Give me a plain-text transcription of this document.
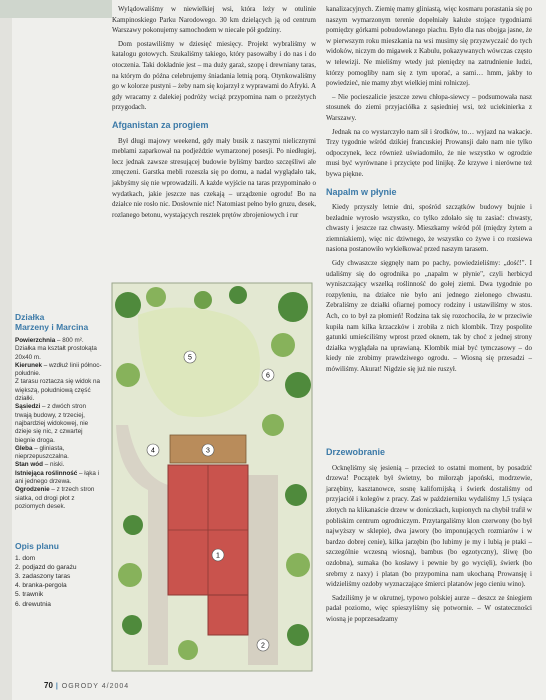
Wylądowaliśmy w niewielkiej wsi, która leży w otulinie Kampinoskiego Parku Narodowego. 30 km dzielących ją od centrum Warszawy pokonujemy samochodem w niecałe pół godziny.

Dom postawiliśmy w dziesięć miesięcy. Projekt wybraliśmy w katalogu gotowych. Szukaliśmy takiego, który pasowałby i do nas i do otoczenia. Taki dokładnie jest – ma duży garaż, szopę i drewniany taras, na którym do późna celebrujemy śniadania letnią porą. Otynkowaliśmy go w kolorze pustyni – żeby nam się kojarzył z wyprawami do Afryki. A gdy wracamy z dalekiej podróży wciąż przypomina nam o przeżytych przygodach.

Afganistan za progiem

Był długi majowy weekend, gdy mały busik z naszymi nielicznymi meblami zaparkował na podjeździe wymarzonej posesji. Po niedługiej, lecz jednak zawsze stresującej budowie byliśmy bardzo szczęśliwi ale zmęczeni. Garstka mebli rozeszła się po domu, a nadal wyglądało tak, jakbyśmy się nie wprowadzili. A każde wyjście na taras przypominało o wydatkach, jakie jeszcze nas czekają – urządzenie ogrodu! Bo na działce nie rosło nic. Dosłownie nic! Natomiast pełno było gruzu, desek, rozlanego betonu, wystających resztek prętów zbrojeniowych i rur

kanalizacyjnych. Ziemię mamy gliniastą, więc kosmaru porastania się po naszym wymarzonym terenie dopełniały kałuże stojące tygodniami pomiędzy górkami pobudowlanego piachu. Było dla nas obojga jasne, że w pierwszym roku mieszkania na wsi musimy się przyzwyczaić do tych widoków, niczym do migawek z Kabulu, pokazywanych wówczas często w telewizji. Ne mieliśmy wtedy już pieniędzy na zatrudnienie ludzi, którzy pomogliby nam się z tym uporać, a sami… hmm, jakby to powiedzieć, nie mamy zbyt wielkiej mini rolniczej.

– Nie pocieszalicie jeszcze zewu chłopa-siewcy – podsumowała nasz stosunek do ziemi przyjaciółka z sąsiedniej wsi, też uciekinierka z Warszawy.

Jednak na co wystarczyło nam sił i środków, to… wyjazd na wakacje. Trzy tygodnie wśród dzikiej francuskiej Prowansji dało nam nie tylko odpoczynek, lecz również uświadomiło, że nie wszystko w ogrodzie musi być wyrównane i przycięte pod linijkę. Że krzywe i nierówne też bywa piękne.

Napalm w płynie

Kiedy przyszły letnie dni, spośród szczątków budowy bujnie i bezładnie wyrosło wszystko, co tylko zdołało się tu zasiać: chwasty, chwasty i jeszcze raz chwasty. Mieszkamy wśród pól (między żytem a ziemniakiem), więc nic dziwnego, że wszystko co żywe i co rozsiewa nasiona postanowiło wykiełkować przed naszym tarasem.

Gdy chwaszcze sięgnęły nam po pachy, powiedzieliśmy: „dość!". I udaliśmy się do ogrodnika po „napalm w płynie", czyli herbicyd wyniszczający wszelką roślinność do gołej ziemi. Dwa tygodnie po rozpyleniu, na działce nie było ani jednego zielonego chwastu. Zebraliśmy ze działki ofiarnej pomocy rodziny i ustawiliśmy w stos. Ach, co to był za płomień! Rodzina tak się rozochociła, że w przeciwie kupiła nam kilka krzaczków i zrobiła z nich klombik. Trzy pospolite gatunki umieściliśmy wprost przed oknem, tak by choć z jednej strony działka wyglądała na uprawianą. Klombik miał być tymczasowy – do kiedy nie zrobimy prawdziwego ogrodu. – Wiosną się przesadzi – mówiliśmy. Akurat! Nigdzie się już nie ruszył.

Drzewobranie

Ocknęliśmy się jesienią – przecież to ostatni moment, by posadzić drzewa! Początek był świetny, bo miłorząb japoński, modrzewie, jarzębiny, kasztanowce, sosnę kalifornijską i świerk dostaliśmy od przyjaciół i kolegów z pracy. Zaś w październiku wydaliśmy 1,5 tysiąca złotych na klikanaście drzew w doniczkach, kupionych na chybił trafił w pobliskim centrum ogrodniczym. Przytargaliśmy klon czerwony (bo był najwyższy w sklepie), dwa jawory (bo imponujących rozmiarów i w bardzo dobrej cenie), kilka jarzębin (bo lubimy je my i lubią je ptaki – szczególnie wczesną wiosną), bambus (bo egzotyczny), śliwę (bo ozdobna), sumaka (bo kosławy i pewnie by go wycięli), świerk (bo srebrny z naxy) i platan (bo przypomina nam ukochaną Prowansję i widzieliśmy ozdoby wyznaczające śmierci platanów jego cieniu wino).

Sadziliśmy je w okrutnej, typowo polskiej aurze – deszcz ze śniegiem padał poziomo, więc spieszyliśmy się potwornie. – W ostateczności wiosną je poprzesadzamy

Działka
Marzeny i Marcina
Powierzchnia – 800 m².
Działka ma kształt prostokąta 20x40 m.
Kierunek – wzdłuż linii północ-południe.
Z tarasu roztacza się widok na większą, południową część działki.
Sąsiedzi – z dwóch stron trwają budowy, z trzeciej, najbardziej widokowej, nie dzieje się nic, z czwartej biegnie droga.
Gleba – gliniasta, nieprzepuszczalna.
Stan wód – niski.
Istniejąca roślinność – łąka i ani jednego drzewa.
Ogrodzenie – z trzech stron siatka, od drogi płot z poziomych desek.
Opis planu
1. dom
2. podjazd do garażu
3. zadaszony taras
4. branka-pergola
5. trawnik
6. drewutnia
1
2
3
4
5
6
70 | OGRODY 4/2004
